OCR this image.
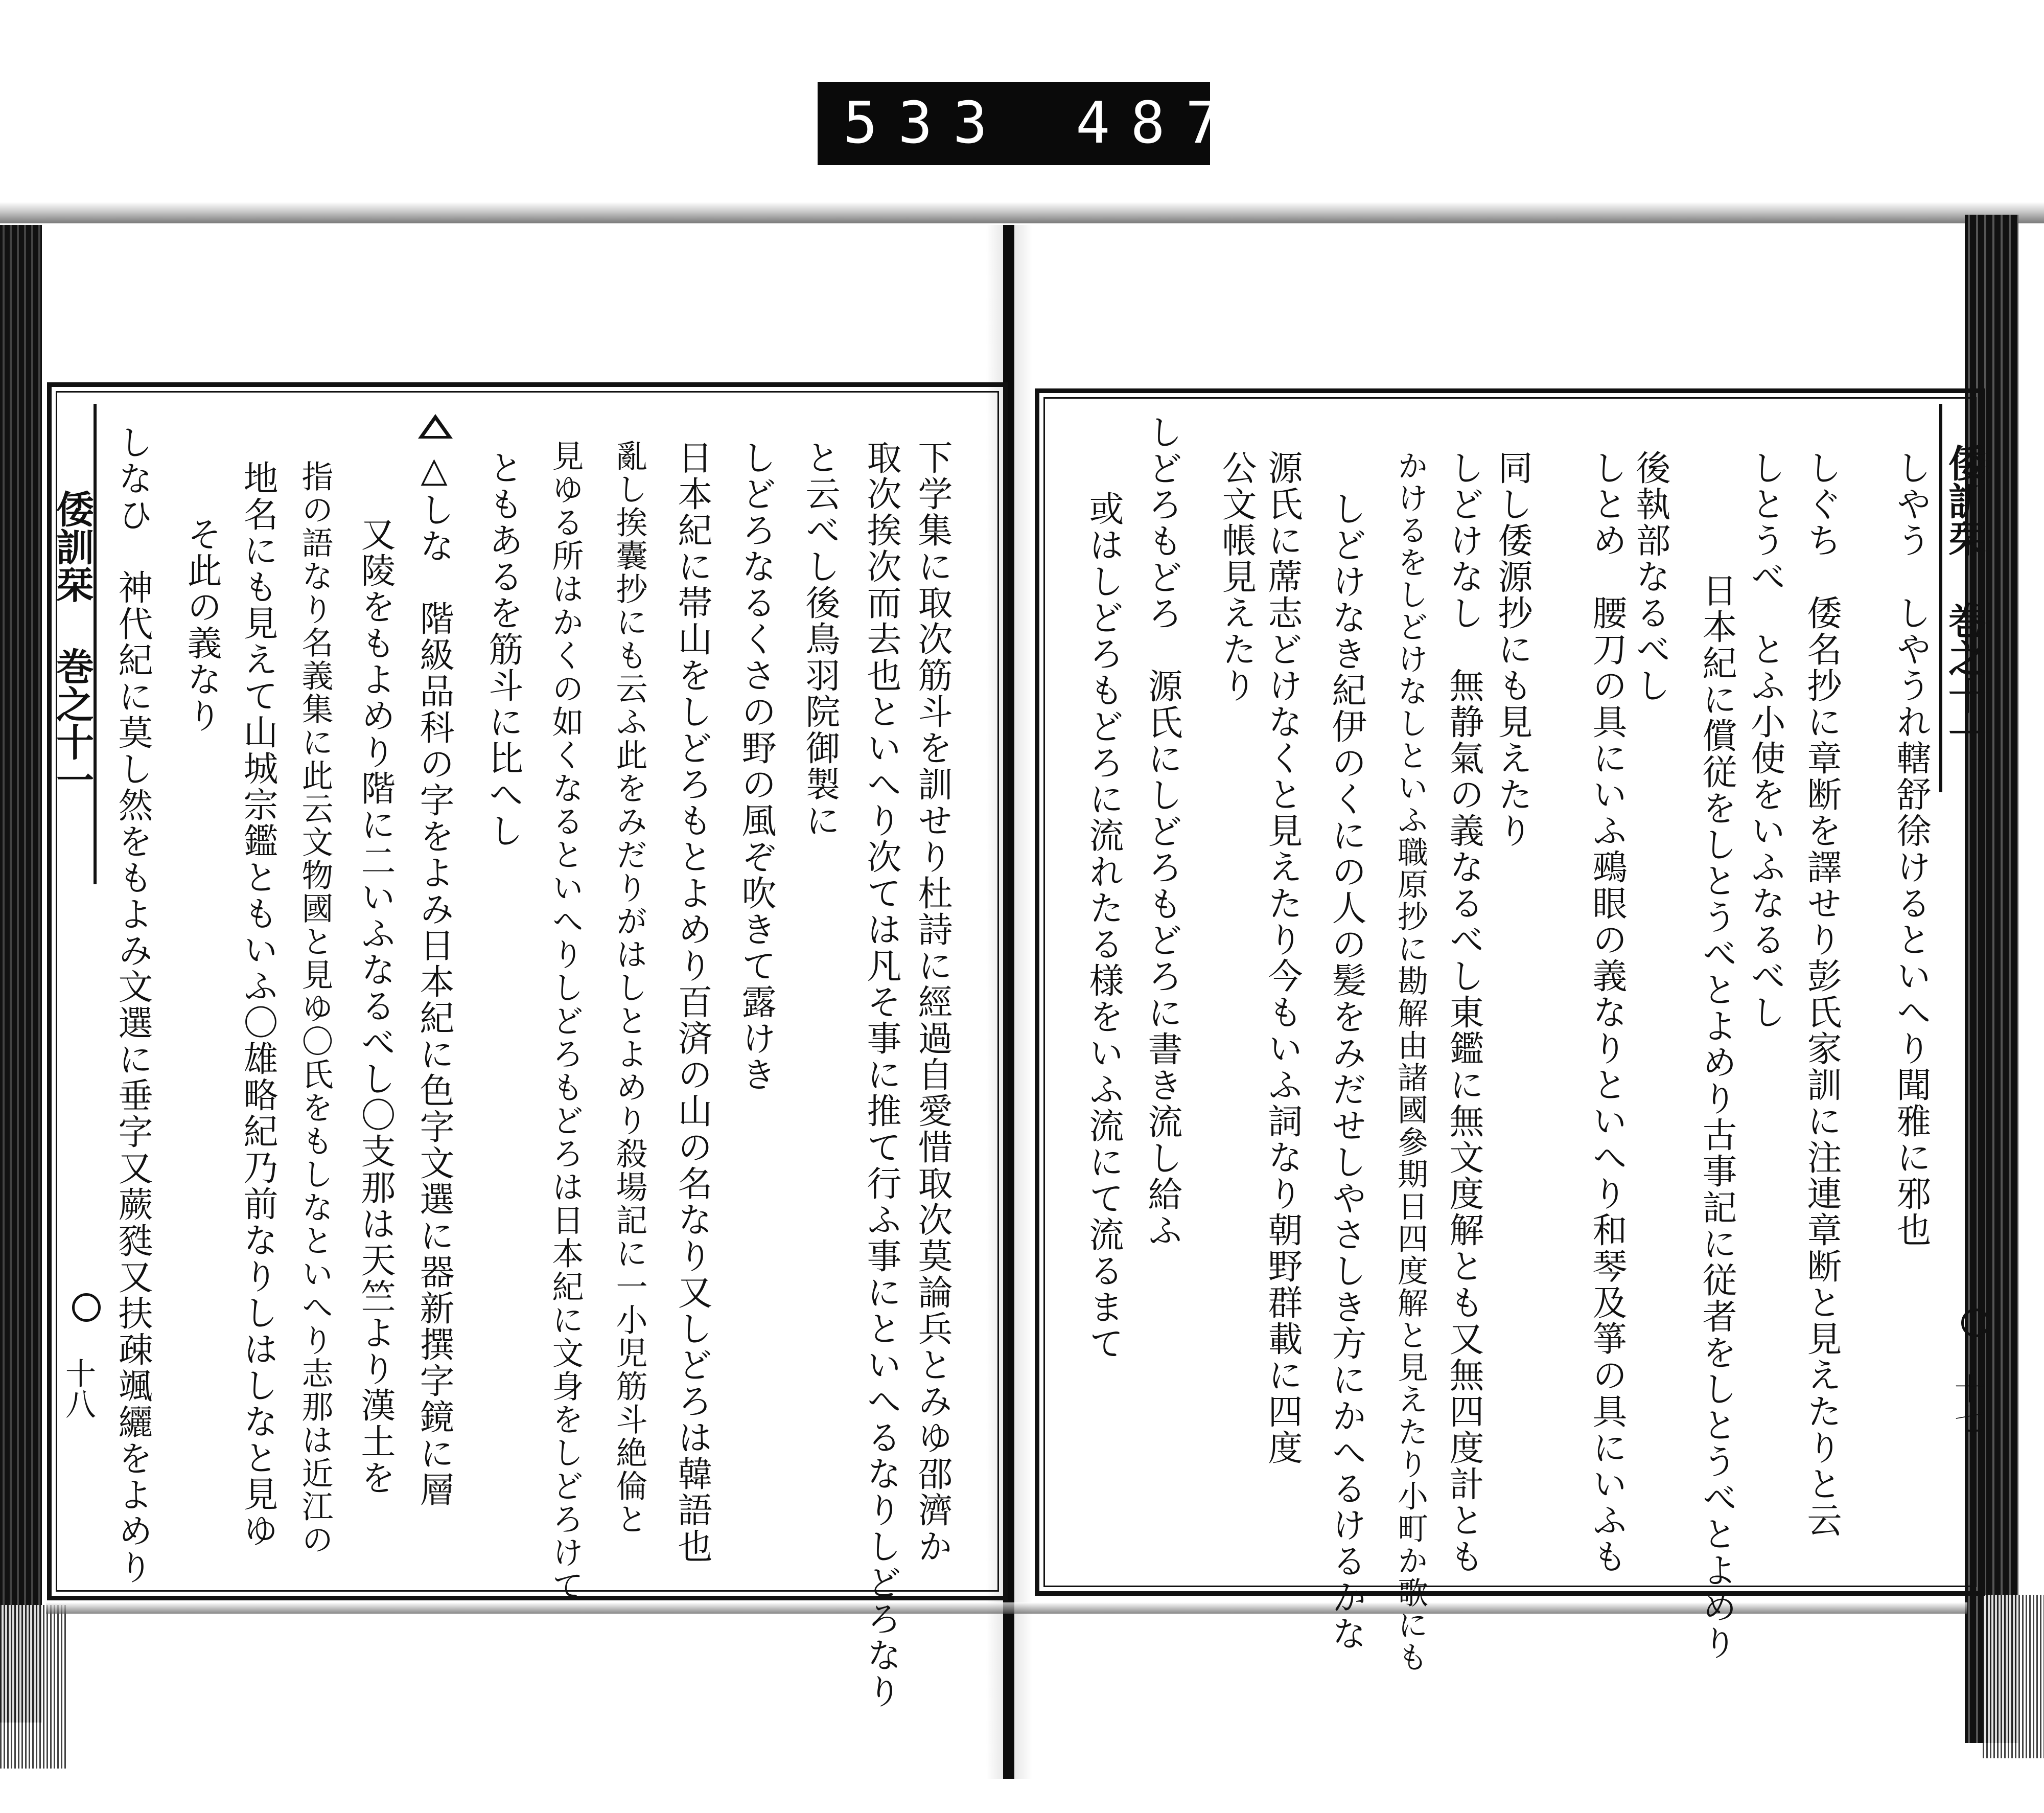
533 487.
倭訓栞 巻之十一
十七
しやう　しやうれ轄舒徐けるといへり聞雅に邪也
しぐち　倭名抄に章断を譯せり彭氏家訓に注連章断と見えたりと云
しとうべ　とふ小使をいふなるべし
日本紀に償従をしとうべとよめり古事記に従者をしとうべとよめり
後執部なるべし
しとめ　腰刀の具にいふ鵐眼の義なりといへり和琴及箏の具にいふも
同し倭源抄にも見えたり
しどけなし　無静氣の義なるべし東鑑に無文度解とも又無四度計とも
かけるをしどけなしといふ職原抄に勘解由諸國參期日四度解と見えたり小町か歌にも
しどけなき紀伊のくにの人の髪をみだせしやさしき方にかへるけるかな
源氏に蓆志どけなくと見えたり今もいふ詞なり朝野群載に四度
公文帳見えたり
しどろもどろ　源氏にしどろもどろに書き流し給ふ
或はしどろもどろに流れたる様をいふ流にて流るまて
倭訓栞 巻之十一
十八	下学集に取次筋斗を訓せり杜詩に經過自愛惜取次莫論兵とみゆ邵濟か
取次挨次而去也といへり次ては凡そ事に推て行ふ事にといへるなりしどろなり
と云べし後鳥羽院御製に
しどろなるくさの野の風ぞ吹きて露けき
日本紀に帯山をしどろもとよめり百済の山の名なり又しどろは韓語也
亂し挨囊抄にも云ふ此をみだりがはしとよめり殺場記に一小児筋斗絶倫と
見ゆる所はかくの如くなるといへりしどろもどろは日本紀に文身をしどろけて
ともあるを筋斗に比へし
△しな　階級品科の字をよみ日本紀に色字文選に器新撰字鏡に層
又陵をもよめり階に二いふなるべし〇支那は天竺より漢土を
指の語なり名義集に此云文物國と見ゆ〇氏をもしなといへり志那は近江の
地名にも見えて山城宗鑑ともいふ〇雄略紀乃前なりしはしなと見ゆ
そ此の義なり
しなひ　神代紀に莫し然をもよみ文選に垂字又蕨甤又扶疎颯纚をよめり
